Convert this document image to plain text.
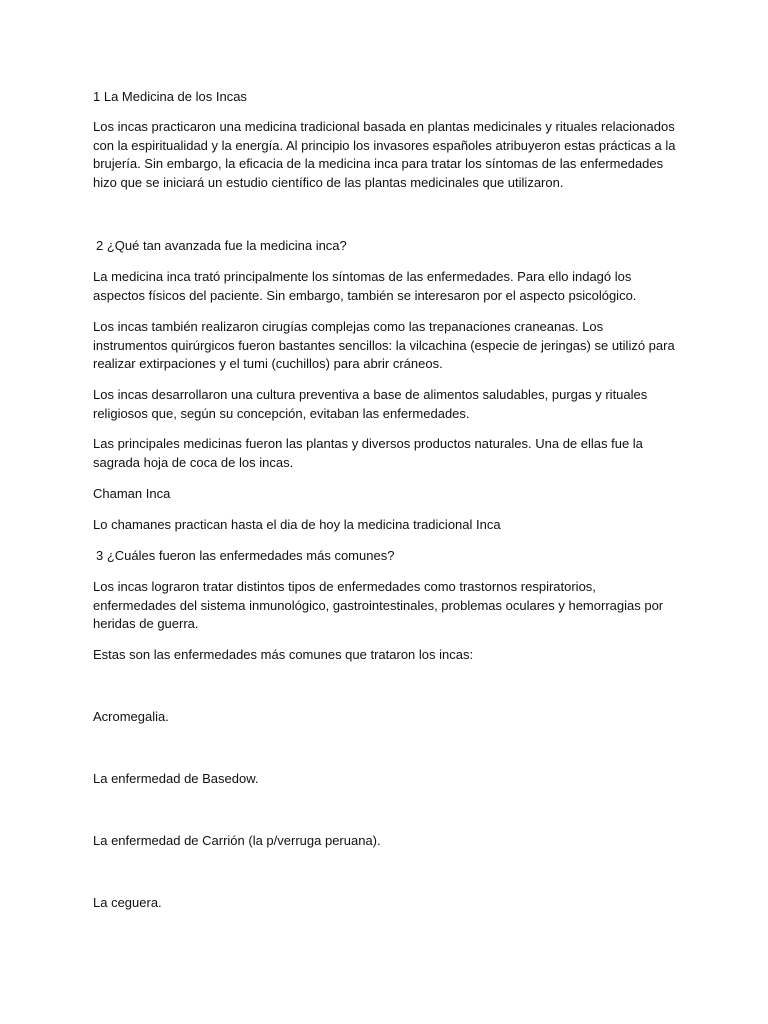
1 La Medicina de los Incas

Los incas practicaron una medicina tradicional basada en plantas medicinales y rituales relacionados con la espiritualidad y la energía. Al principio los invasores españoles atribuyeron estas prácticas a la brujería. Sin embargo, la eficacia de la medicina inca para tratar los síntomas de las enfermedades hizo que se iniciará un estudio científico de las plantas medicinales que utilizaron.

2 ¿Qué tan avanzada fue la medicina inca?

La medicina inca trató principalmente los síntomas de las enfermedades. Para ello indagó los aspectos físicos del paciente. Sin embargo, también se interesaron por el aspecto psicológico.

Los incas también realizaron cirugías complejas como las trepanaciones craneanas. Los instrumentos quirúrgicos fueron bastantes sencillos: la vilcachina (especie de jeringas) se utilizó para realizar extirpaciones y el tumi (cuchillos) para abrir cráneos.

Los incas desarrollaron una cultura preventiva a base de alimentos saludables, purgas y rituales religiosos que, según su concepción, evitaban las enfermedades.

Las principales medicinas fueron las plantas y diversos productos naturales. Una de ellas fue la sagrada hoja de coca de los incas.

Chaman Inca

Lo chamanes practican hasta el dia de hoy la medicina tradicional Inca

3 ¿Cuáles fueron las enfermedades más comunes?

Los incas lograron tratar distintos tipos de enfermedades como trastornos respiratorios, enfermedades del sistema inmunológico, gastrointestinales, problemas oculares y hemorragias por heridas de guerra.

Estas son las enfermedades más comunes que trataron los incas:

Acromegalia.

La enfermedad de Basedow.

La enfermedad de Carrión (la p/verruga peruana).

La ceguera.
